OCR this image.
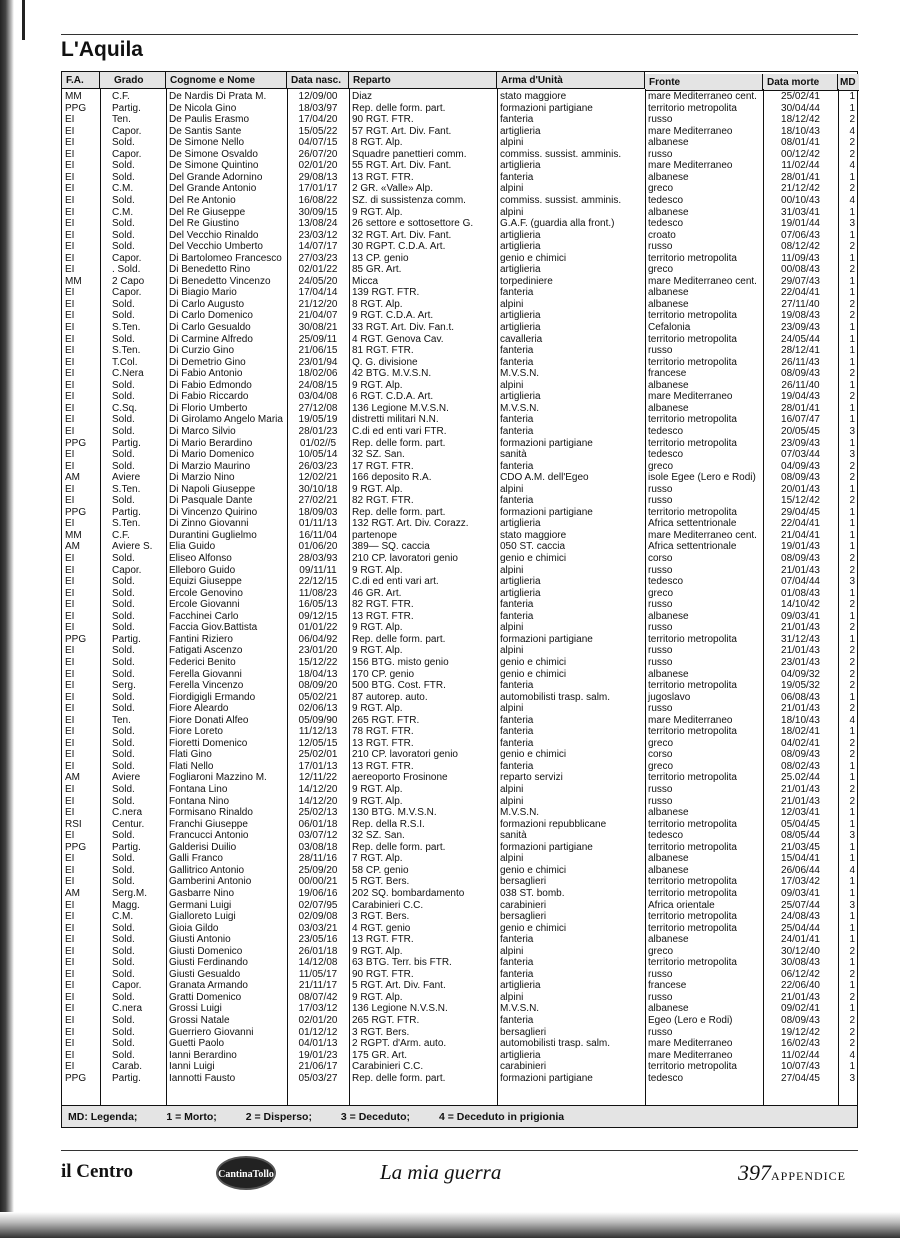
L'Aquila
F.A.	Grado	Cognome e Nome	Data nasc.	Reparto	Arma d'Unità	Fronte	Data morte	MD
MM	C.F.	De Nardis Di Prata M.	12/09/00	Diaz	stato maggiore	mare Mediterraneo cent.	25/02/41	1
PPG	Partig.	De Nicola Gino	18/03/97	Rep. delle form. part.	formazioni partigiane	territorio metropolita	30/04/44	1
EI	Ten.	De Paulis Erasmo	17/04/20	90 RGT. FTR.	fanteria	russo	18/12/42	2
EI	Capor.	De Santis Sante	15/05/22	57 RGT. Art. Div. Fant.	artiglieria	mare Mediterraneo	18/10/43	4
EI	Sold.	De Simone Nello	04/07/15	8 RGT. Alp.	alpini	albanese	08/01/41	2
EI	Capor.	De Simone Osvaldo	26/07/20	Squadre panettieri comm.	commiss. sussist. amminis.	russo	00/12/42	2
EI	Sold.	De Simone Quintino	02/01/20	55 RGT. Art. Div. Fant.	artiglieria	mare Mediterraneo	11/02/44	4
EI	Sold.	Del Grande Adornino	29/08/13	13 RGT. FTR.	fanteria	albanese	28/01/41	1
EI	C.M.	Del Grande Antonio	17/01/17	2 GR. «Valle» Alp.	alpini	greco	21/12/42	2
EI	Sold.	Del Re Antonio	16/08/22	SZ. di sussistenza comm.	commiss. sussist. amminis.	tedesco	00/10/43	4
EI	C.M.	Del Re Giuseppe	30/09/15	9 RGT. Alp.	alpini	albanese	31/03/41	1
EI	Sold.	Del Re Giustino	13/08/24	26 settore e sottosettore G.	G.A.F. (guardia alla front.)	tedesco	19/01/44	3
EI	Sold.	Del Vecchio Rinaldo	23/03/12	32 RGT. Art. Div. Fant.	artiglieria	croato	07/06/43	1
EI	Sold.	Del Vecchio Umberto	14/07/17	30 RGPT. C.D.A. Art.	artiglieria	russo	08/12/42	2
EI	Capor.	Di Bartolomeo Francesco	27/03/23	13 CP. genio	genio e chimici	territorio metropolita	11/09/43	1
EI	. Sold.	Di Benedetto Rino	02/01/22	85 GR. Art.	artiglieria	greco	00/08/43	2
MM	2 Capo	Di Benedetto Vincenzo	24/05/20	Micca	torpediniere	mare Mediterraneo cent.	29/07/43	1
EI	Capor.	Di Biagio Mario	17/04/14	139 RGT. FTR.	fanteria	albanese	22/04/41	1
EI	Sold.	Di Carlo Augusto	21/12/20	8 RGT. Alp.	alpini	albanese	27/11/40	2
EI	Sold.	Di Carlo Domenico	21/04/07	9 RGT. C.D.A. Art.	artiglieria	territorio metropolita	19/08/43	2
EI	S.Ten.	Di Carlo Gesualdo	30/08/21	33 RGT. Art. Div. Fan.t.	artiglieria	Cefalonia	23/09/43	1
EI	Sold.	Di Carmine Alfredo	25/09/11	4 RGT. Genova Cav.	cavalleria	territorio metropolita	24/05/44	1
EI	S.Ten.	Di Curzio Gino	21/06/15	81 RGT. FTR.	fanteria	russo	28/12/41	1
EI	T.Col.	Di Demetrio Gino	23/01/94	Q. G. divisione	fanteria	territorio metropolita	26/11/43	1
EI	C.Nera	Di Fabio Antonio	18/02/06	42 BTG. M.V.S.N.	M.V.S.N.	francese	08/09/43	2
EI	Sold.	Di Fabio Edmondo	24/08/15	9 RGT. Alp.	alpini	albanese	26/11/40	1
EI	Sold.	Di Fabio Riccardo	03/04/08	6 RGT. C.D.A. Art.	artiglieria	mare Mediterraneo	19/04/43	2
EI	C.Sq.	Di Florio Umberto	27/12/08	136 Legione M.V.S.N.	M.V.S.N.	albanese	28/01/41	1
EI	Sold.	Di Girolamo Angelo Maria	19/05/19	distretti militari N.N.	fanteria	territorio metropolita	16/07/47	1
EI	Sold.	Di Marco Silvio	28/01/23	C.di ed enti vari FTR.	fanteria	tedesco	20/05/45	3
PPG	Partig.	Di Mario Berardino	01/02//5	Rep. delle form. part.	formazioni partigiane	territorio metropolita	23/09/43	1
EI	Sold.	Di Mario Domenico	10/05/14	32 SZ. San.	sanità	tedesco	07/03/44	3
EI	Sold.	Di Marzio Maurino	26/03/23	17 RGT. FTR.	fanteria	greco	04/09/43	2
AM	Aviere	Di Marzio Nino	12/02/21	166 deposito R.A.	CDO A.M. dell'Egeo	isole Egee (Lero e Rodi)	08/09/43	2
EI	S.Ten.	Di Napoli Giuseppe	30/10/18	9 RGT. Alp.	alpini	russo	20/01/43	1
EI	Sold.	Di Pasquale Dante	27/02/21	82 RGT. FTR.	fanteria	russo	15/12/42	2
PPG	Partig.	Di Vincenzo Quirino	18/09/03	Rep. delle form. part.	formazioni partigiane	territorio metropolita	29/04/45	1
EI	S.Ten.	Di Zinno Giovanni	01/11/13	132 RGT. Art. Div. Corazz.	artiglieria	Africa settentrionale	22/04/41	1
MM	C.F.	Durantini Guglielmo	16/11/04	partenope	stato maggiore	mare Mediterraneo cent.	21/04/41	1
AM	Aviere S.	Elia Guido	01/06/20	389— SQ. caccia	050 ST. caccia	Africa settentrionale	19/01/43	1
EI	Sold.	Eliseo Alfonso	28/03/93	210 CP. lavoratori genio	genio e chimici	corso	08/09/43	2
EI	Capor.	Elleboro Guido	09/11/11	9 RGT. Alp.	alpini	russo	21/01/43	2
EI	Sold.	Equizi Giuseppe	22/12/15	C.di ed enti vari art.	artiglieria	tedesco	07/04/44	3
EI	Sold.	Ercole Genovino	11/08/23	46 GR. Art.	artiglieria	greco	01/08/43	1
EI	Sold.	Ercole Giovanni	16/05/13	82 RGT. FTR.	fanteria	russo	14/10/42	2
EI	Sold.	Facchinei Carlo	09/12/15	13 RGT. FTR.	fanteria	albanese	09/03/41	1
EI	Sold.	Faccia Giov.Battista	01/01/22	9 RGT. Alp.	alpini	russo	21/01/43	2
PPG	Partig.	Fantini Riziero	06/04/92	Rep. delle form. part.	formazioni partigiane	territorio metropolita	31/12/43	1
EI	Sold.	Fatigati Ascenzo	23/01/20	9 RGT. Alp.	alpini	russo	21/01/43	2
EI	Sold.	Federici Benito	15/12/22	156 BTG. misto genio	genio e chimici	russo	23/01/43	2
EI	Sold.	Ferella Giovanni	18/04/13	170 CP. genio	genio e chimici	albanese	04/09/32	2
EI	Serg.	Ferella Vincenzo	08/09/20	500 BTG. Cost. FTR.	fanteria	territorio metropolita	19/05/32	2
EI	Sold.	Fiordigigli Ermando	05/02/21	87 autorep. auto.	automobilisti trasp. salm.	jugoslavo	06/08/43	1
EI	Sold.	Fiore Aleardo	02/06/13	9 RGT. Alp.	alpini	russo	21/01/43	2
EI	Ten.	Fiore Donati Alfeo	05/09/90	265 RGT. FTR.	fanteria	mare Mediterraneo	18/10/43	4
EI	Sold.	Fiore Loreto	11/12/13	78 RGT. FTR.	fanteria	territorio metropolita	18/02/41	1
EI	Sold.	Fioretti Domenico	12/05/15	13 RGT. FTR.	fanteria	greco	04/02/41	2
EI	Sold.	Flati Gino	25/02/01	210 CP. lavoratori genio	genio e chimici	corso	08/09/43	2
EI	Sold.	Flati Nello	17/01/13	13 RGT. FTR.	fanteria	greco	08/02/43	1
AM	Aviere	Fogliaroni Mazzino M.	12/11/22	aereoporto Frosinone	reparto servizi	territorio metropolita	25.02/44	1
EI	Sold.	Fontana Lino	14/12/20	9 RGT. Alp.	alpini	russo	21/01/43	2
EI	Sold.	Fontana Nino	14/12/20	9 RGT. Alp.	alpini	russo	21/01/43	2
EI	C.nera	Formisano Rinaldo	25/02/13	130 BTG. M.V.S.N.	M.V.S.N.	albanese	12/03/41	1
RSI	Centur.	Franchi Giuseppe	06/01/18	Rep. della R.S.I.	formazioni repubblicane	territorio metropolita	05/04/45	1
EI	Sold.	Francucci Antonio	03/07/12	32 SZ. San.	sanità	tedesco	08/05/44	3
PPG	Partig.	Galderisi Duilio	03/08/18	Rep. delle form. part.	formazioni partigiane	territorio metropolita	21/03/45	1
EI	Sold.	Galli Franco	28/11/16	7 RGT. Alp.	alpini	albanese	15/04/41	1
EI	Sold.	Gallitrico Antonio	25/09/20	58 CP. genio	genio e chimici	albanese	26/06/44	4
EI	Sold.	Gamberini Antonio	00/00/21	5 RGT. Bers.	bersaglieri	territorio metropolita	17/03/42	1
AM	Serg.M.	Gasbarre Nino	19/06/16	202 SQ. bombardamento	038 ST. bomb.	territorio metropolita	09/03/41	1
EI	Magg.	Germani Luigi	02/07/95	Carabinieri C.C.	carabinieri	Africa orientale	25/07/44	3
EI	C.M.	Gialloreto Luigi	02/09/08	3 RGT. Bers.	bersaglieri	territorio metropolita	24/08/43	1
EI	Sold.	Gioia Gildo	03/03/21	4 RGT. genio	genio e chimici	territorio metropolita	25/04/44	1
EI	Sold.	Giusti Antonio	23/05/16	13 RGT. FTR.	fanteria	albanese	24/01/41	1
EI	Sold.	Giusti Domenico	26/01/18	9 RGT. Alp.	alpini	greco	30/12/40	2
EI	Sold.	Giusti Ferdinando	14/12/08	63 BTG. Terr. bis FTR.	fanteria	territorio metropolita	30/08/43	1
EI	Sold.	Giusti Gesualdo	11/05/17	90 RGT. FTR.	fanteria	russo	06/12/42	2
EI	Capor.	Granata Armando	21/11/17	5 RGT. Art. Div. Fant.	artiglieria	francese	22/06/40	1
EI	Sold.	Gratti Domenico	08/07/42	9 RGT. Alp.	alpini	russo	21/01/43	2
EI	C.nera	Grossi Luigi	17/03/12	136 Legione N.V.S.N.	M.V.S.N.	albanese	09/02/41	1
EI	Sold.	Grossi Natale	02/01/20	265 RGT. FTR.	fanteria	Egeo (Lero e Rodi)	08/09/43	2
EI	Sold.	Guerriero Giovanni	01/12/12	3 RGT. Bers.	bersaglieri	russo	19/12/42	2
EI	Sold.	Guetti Paolo	04/01/13	2 RGPT. d'Arm. auto.	automobilisti trasp. salm.	mare Mediterraneo	16/02/43	2
EI	Sold.	Ianni Berardino	19/01/23	175 GR. Art.	artiglieria	mare Mediterraneo	11/02/44	4
EI	Carab.	Ianni Luigi	21/06/17	Carabinieri C.C.	carabinieri	territorio metropolita	10/07/43	1
PPG	Partig.	Iannotti Fausto	05/03/27	Rep. delle form. part.	formazioni partigiane	tedesco	27/04/45	3
MD: Legenda;	1 = Morto;	2 = Disperso;	3 = Deceduto;	4 = Deceduto in prigionia
il Centro	CantinaTollo	La mia guerra	397APPENDICE
